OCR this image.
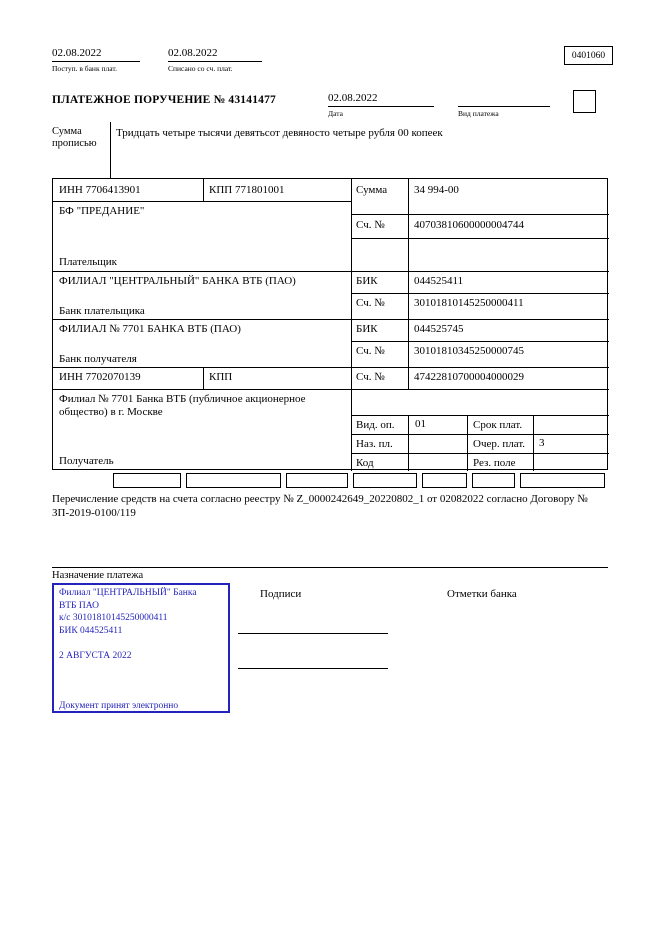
02.08.2022
Поступ. в банк плат.
02.08.2022
Списано со сч. плат.
0401060
ПЛАТЕЖНОЕ ПОРУЧЕНИЕ № 43141477	02.08.2022
Дата	Вид платежа
Сумма
прописью
Тридцать четыре тысячи девятьсот девяносто четыре рубля 00 копеек
ИНН 7706413901	КПП 771801001	Сумма 34 994-00
БФ "ПРЕДАНИЕ"
Сч. №	40703810600000004744
Плательщик
ФИЛИАЛ "ЦЕНТРАЛЬНЫЙ" БАНКА ВТБ (ПАО)	БИК	044525411
Сч. №	30101810145250000411
Банк плательщика
ФИЛИАЛ № 7701 БАНКА ВТБ (ПАО)	БИК	044525745
Сч. №	30101810345250000745
Банк получателя
ИНН 7702070139	КПП	Сч. №	47422810700004000029
Филиал № 7701 Банка ВТБ (публичное акционерное общество) в г. Москве
Получатель
Вид. оп. 01	Срок плат.
Наз. пл.	Очер. плат. 3
Код	Рез. поле
Перечисление средств на счета согласно реестру № Z_0000242649_20220802_1 от 02082022 согласно Договору № ЗП-2019-0100/119
Назначение платежа
Филиал "ЦЕНТРАЛЬНЫЙ" Банка
ВТБ ПАО
к/с 30101810145250000411
БИК 044525411
2 АВГУСТА 2022
Документ принят электронно
Подписи	Отметки банка
